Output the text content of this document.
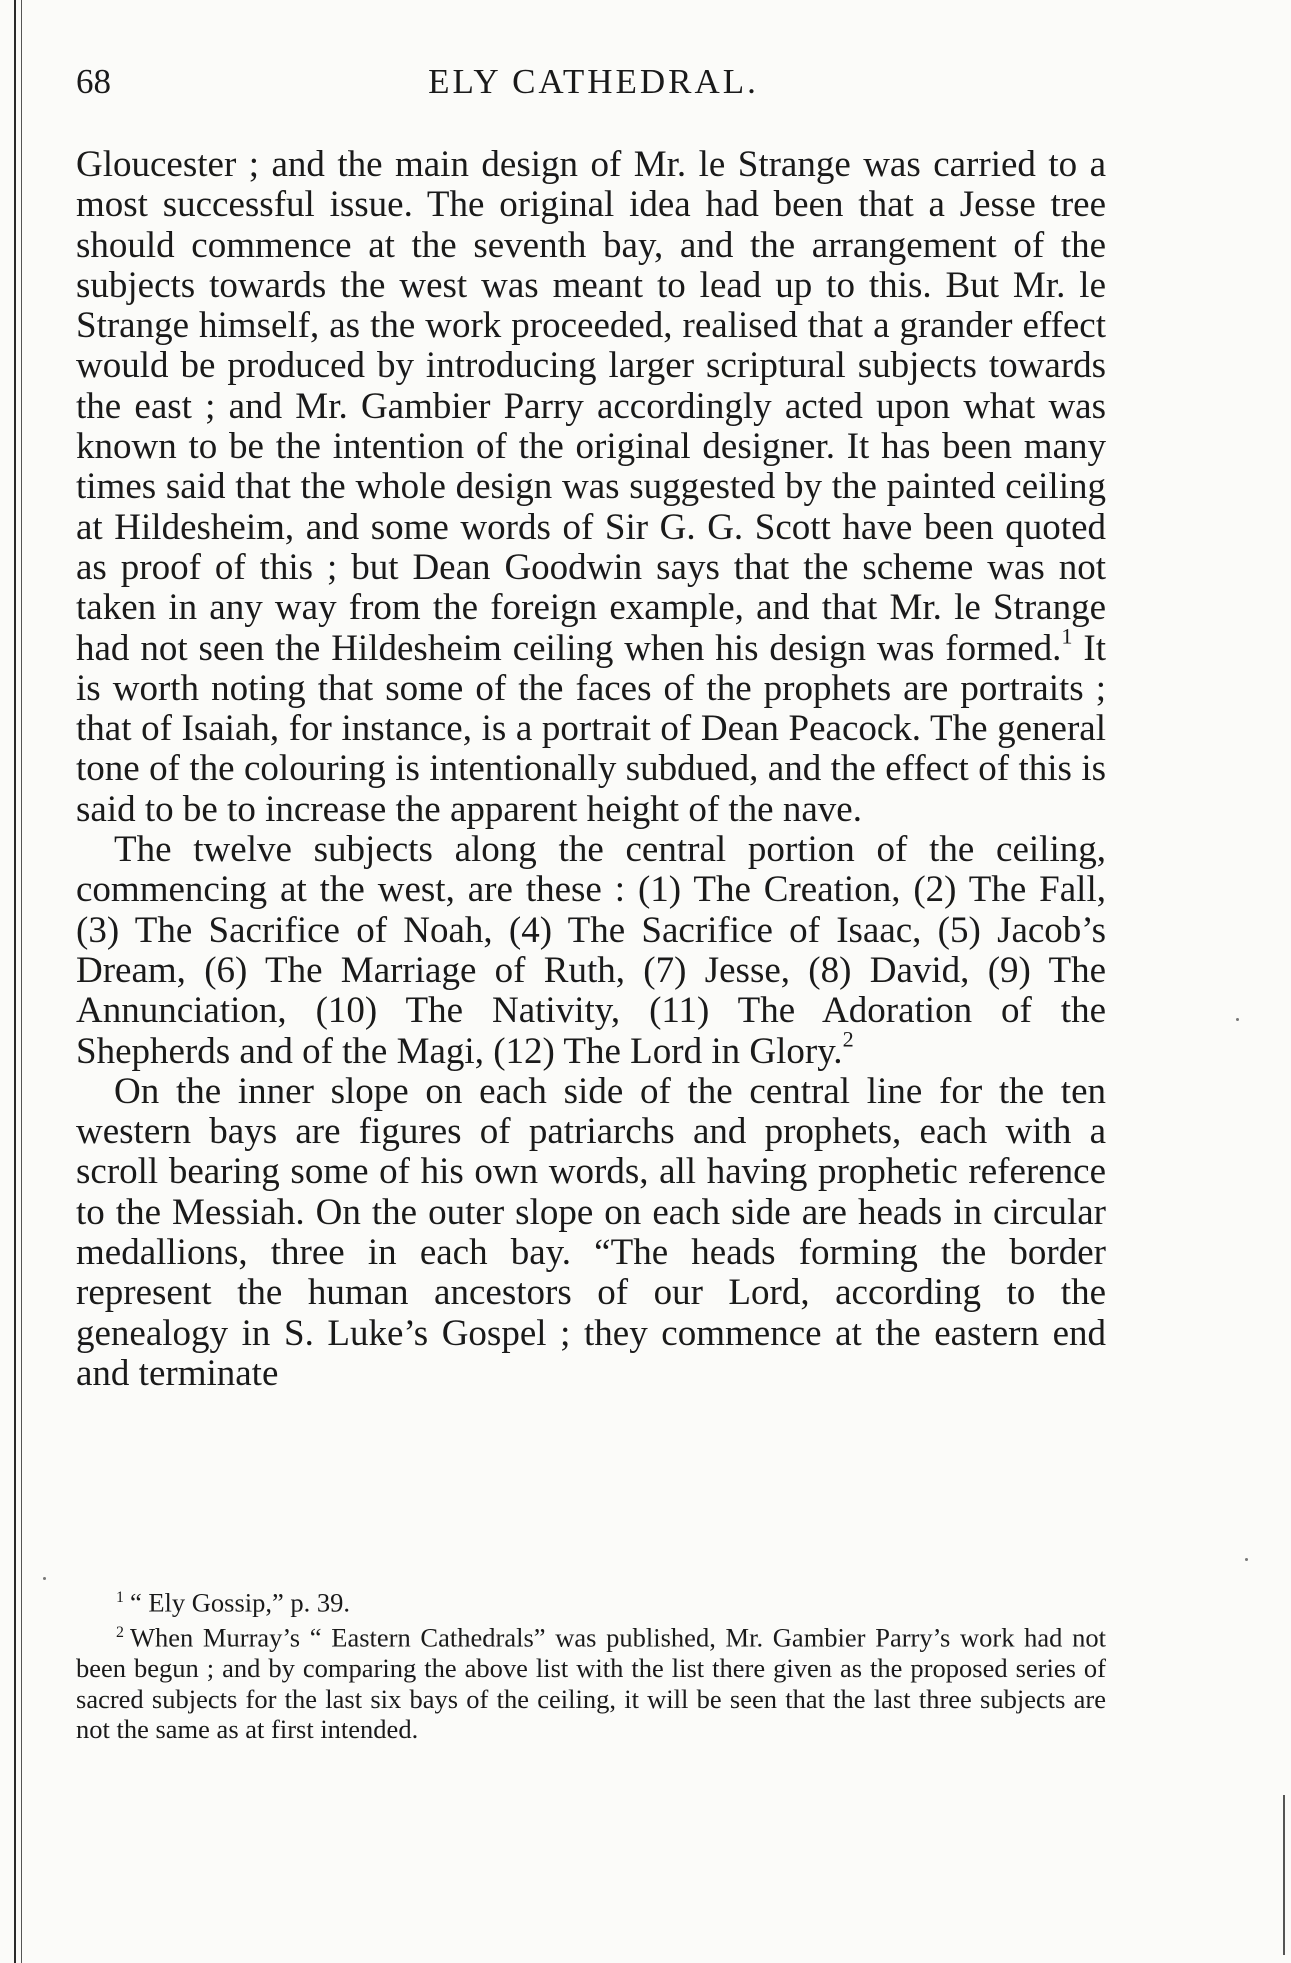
68	ELY CATHEDRAL.

Gloucester ; and the main design of Mr. le Strange was carried to a most successful issue. The original idea had been that a Jesse tree should commence at the seventh bay, and the arrangement of the subjects towards the west was meant to lead up to this. But Mr. le Strange himself, as the work proceeded, realised that a grander effect would be produced by introducing larger scriptural subjects towards the east ; and Mr. Gambier Parry accordingly acted upon what was known to be the intention of the original designer. It has been many times said that the whole design was suggested by the painted ceiling at Hildesheim, and some words of Sir G. G. Scott have been quoted as proof of this ; but Dean Goodwin says that the scheme was not taken in any way from the foreign example, and that Mr. le Strange had not seen the Hildesheim ceiling when his design was formed.$^1$ It is worth noting that some of the faces of the prophets are portraits ; that of Isaiah, for instance, is a portrait of Dean Peacock. The general tone of the colouring is intentionally subdued, and the effect of this is said to be to increase the apparent height of the nave.

The twelve subjects along the central portion of the ceiling, commencing at the west, are these : (1) The Creation, (2) The Fall, (3) The Sacrifice of Noah, (4) The Sacrifice of Isaac, (5) Jacob’s Dream, (6) The Marriage of Ruth, (7) Jesse, (8) David, (9) The Annunciation, (10) The Nativity, (11) The Adoration of the Shepherds and of the Magi, (12) The Lord in Glory.$^2$

On the inner slope on each side of the central line for the ten western bays are figures of patriarchs and prophets, each with a scroll bearing some of his own words, all having prophetic reference to the Messiah. On the outer slope on each side are heads in circular medallions, three in each bay. “The heads forming the border represent the human ancestors of our Lord, according to the genealogy in S. Luke’s Gospel ; they commence at the eastern end and terminate

$^1$ “ Ely Gossip,” p. 39.

$^2$ When Murray’s “ Eastern Cathedrals” was published, Mr. Gambier Parry’s work had not been begun ; and by comparing the above list with the list there given as the proposed series of sacred subjects for the last six bays of the ceiling, it will be seen that the last three subjects are not the same as at first intended.
